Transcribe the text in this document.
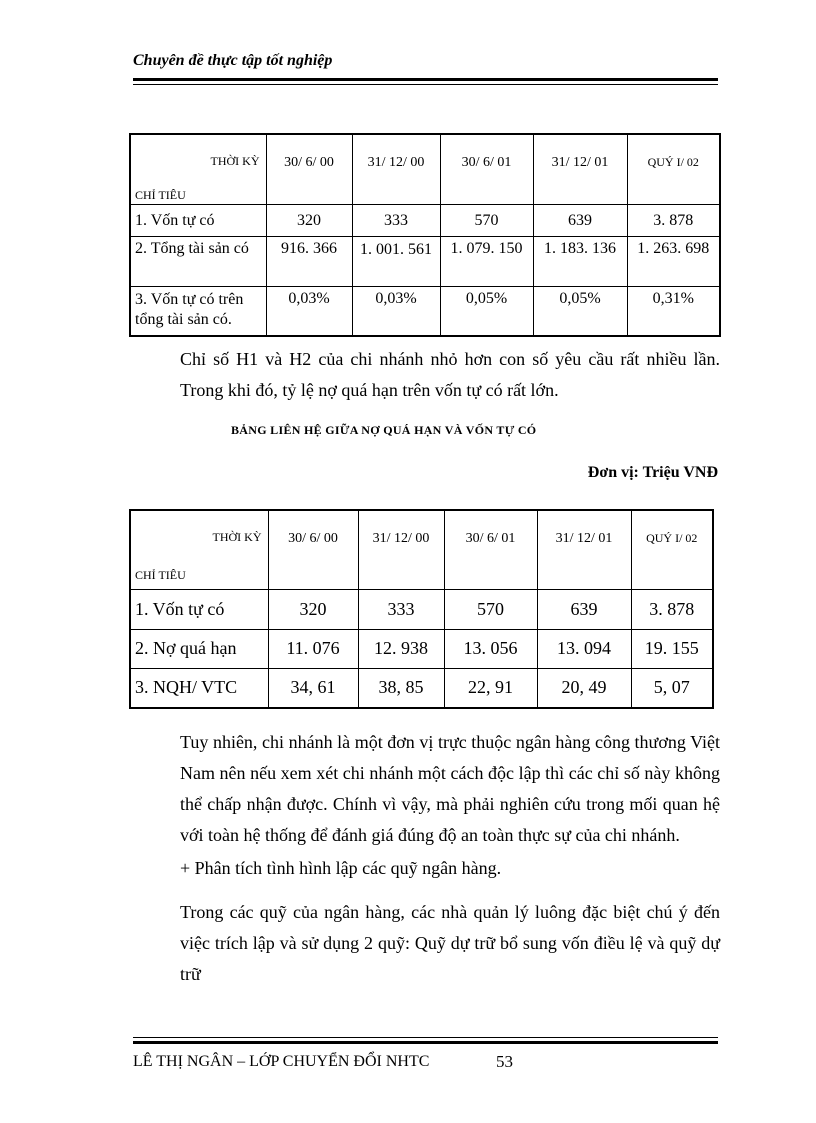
Chuyên đề thực tập tốt nghiệp
THỜI KỲ
CHỈ TIÊU	30/ 6/ 00	31/ 12/ 00	30/ 6/ 01	31/ 12/ 01	QUÝ I/ 02
1. Vốn tự có	320	333	570	639	3. 878
2. Tổng tài sản có	916. 366	1. 001. 561	1. 079. 150	1. 183. 136	1. 263. 698
3. Vốn tự có trên tổng tài sản có.	0,03%	0,03%	0,05%	0,05%	0,31%
Chỉ số H1 và H2 của chi nhánh nhỏ hơn con số yêu cầu rất nhiều lần. Trong khi đó, tỷ lệ nợ quá hạn trên vốn tự có rất lớn.
BẢNG LIÊN HỆ GIỮA NỢ QUÁ HẠN VÀ VỐN TỰ CÓ
Đơn vị: Triệu VNĐ
THỜI KỲ
CHỈ TIÊU	30/ 6/ 00	31/ 12/ 00	30/ 6/ 01	31/ 12/ 01	QUÝ I/ 02
1. Vốn tự có	320	333	570	639	3. 878
2. Nợ quá hạn	11. 076	12. 938	13. 056	13. 094	19. 155
3. NQH/ VTC	34, 61	38, 85	22, 91	20, 49	5, 07
Tuy nhiên, chi nhánh là một đơn vị trực thuộc ngân hàng công thương Việt Nam nên nếu xem xét chi nhánh một cách độc lập thì các chỉ số này không thể chấp nhận được. Chính vì vậy, mà phải nghiên cứu trong mối quan hệ với toàn hệ thống để đánh giá đúng độ an toàn thực sự của chi nhánh.
+ Phân tích tình hình lập các quỹ ngân hàng.
Trong các quỹ của ngân hàng, các nhà quản lý luông đặc biệt chú ý đến việc trích lập và sử dụng 2 quỹ: Quỹ dự trữ bổ sung vốn điều lệ và quỹ dự trữ
LÊ THỊ NGÂN – LỚP CHUYỂN ĐỔI NHTC	53
